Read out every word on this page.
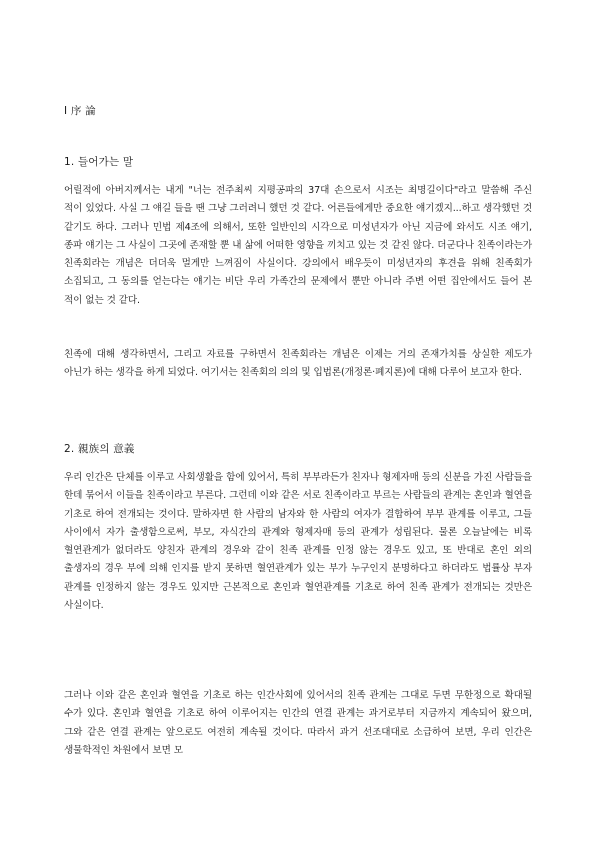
Ⅰ 序 論
1. 들어가는 말

어릴적에 아버지께서는 내게 "너는 전주최씨 지평공파의 37대 손으로서 시조는 최명길이다"라고 말씀해 주신 적이 있었다. 사실 그 얘길 들을 땐 그냥 그러려니 했던 것 같다. 어른들에게만 중요한 얘기겠지...하고 생각했던 것 같기도 하다. 그러나 민법 제4조에 의해서, 또한 일반인의 시각으로 미성년자가 아닌 지금에 와서도 시조 얘기, 종파 얘기는 그 사실이 그곳에 존재할 뿐 내 삶에 어떠한 영향을 끼치고 있는 것 같진 않다. 더군다나 친족이라는가 친족회라는 개념은 더더욱 멀게만 느껴짐이 사실이다. 강의에서 배우듯이 미성년자의 후견을 위해 친족회가 소집되고, 그 동의를 얻는다는 얘기는 비단 우리 가족간의 문제에서 뿐만 아니라 주변 어떤 집안에서도 들어 본 적이 없는 것 같다.

친족에 대해 생각하면서, 그리고 자료를 구하면서 친족회라는 개념은 이제는 거의 존재가치를 상실한 제도가 아닌가 하는 생각을 하게 되었다. 여기서는 친족회의 의의 및 입법론(개정론·폐지론)에 대해 다루어 보고자 한다.

2. 親族의 意義

우리 인간은 단체를 이루고 사회생활을 함에 있어서, 특히 부부라든가 친자나 형제자매 등의 신분을 가진 사람들을 한데 묶어서 이들을 친족이라고 부른다. 그런데 이와 같은 서로 친족이라고 부르는 사람들의 관계는 혼인과 혈연을 기초로 하여 전개되는 것이다. 말하자면 한 사람의 남자와 한 사람의 여자가 결합하여 부부 관계를 이루고, 그들 사이에서 자가 출생함으로써, 부모, 자식간의 관계와 형제자매 등의 관계가 성립된다. 물론 오늘날에는 비록 혈연관계가 없더라도 양친자 관계의 경우와 같이 친족 관계를 인정 않는 경우도 있고, 또 반대로 혼인 외의 출생자의 경우 부에 의해 인지를 받지 못하면 혈연관계가 있는 부가 누구인지 분명하다고 하더라도 법률상 부자 관계를 인정하지 않는 경우도 있지만 근본적으로 혼인과 혈연관계를 기초로 하여 친족 관계가 전개되는 것만은 사실이다.

그러나 이와 같은 혼인과 혈연을 기초로 하는 인간사회에 있어서의 친족 관계는 그대로 두면 무한정으로 확대될 수가 있다. 혼인과 혈연을 기초로 하여 이루어지는 인간의 연결 관계는 과거로부터 지금까지 계속되어 왔으며, 그와 같은 연결 관계는 앞으로도 여전히 계속될 것이다. 따라서 과거 선조대대로 소급하여 보면, 우리 인간은 생물학적인 차원에서 보면 모
